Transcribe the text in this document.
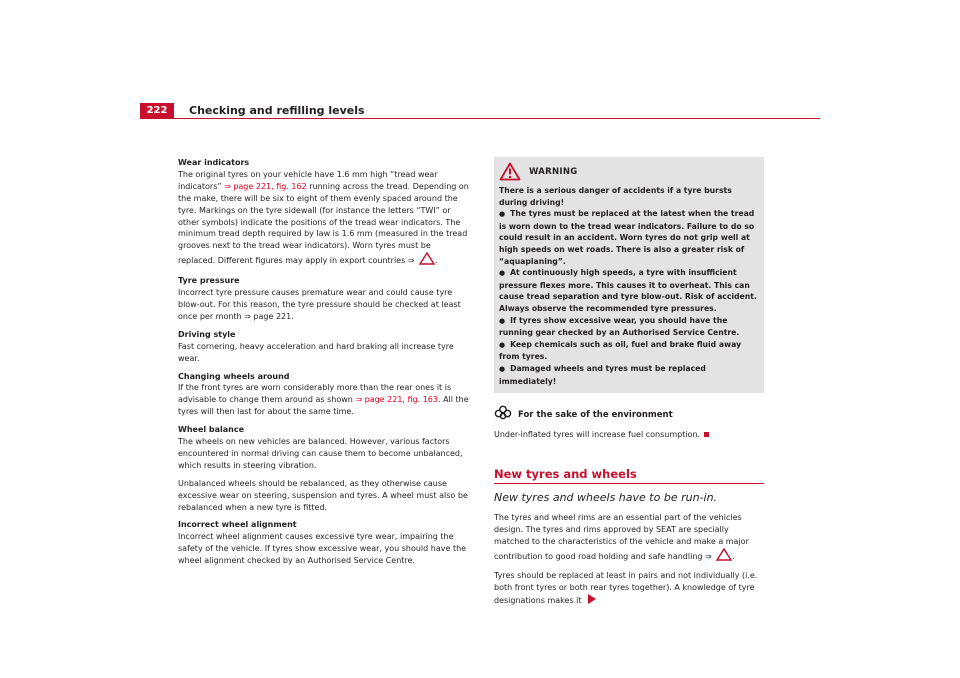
222	Checking and refilling levels

Wear indicators

The original tyres on your vehicle have 1.6 mm high “tread wear indicators” ⇒ page 221, fig. 162 running across the tread. Depending on the make, there will be six to eight of them evenly spaced around the tyre. Markings on the tyre sidewall (for instance the letters “TWI” or other symbols) indicate the positions of the tread wear indicators. The minimum tread depth required by law is 1.6 mm (measured in the tread grooves next to the tread wear indicators). Worn tyres must be replaced. Different figures may apply in export countries ⇒ .

Tyre pressure

Incorrect tyre pressure causes premature wear and could cause tyre blow-out. For this reason, the tyre pressure should be checked at least once per month ⇒ page 221.

Driving style

Fast cornering, heavy acceleration and hard braking all increase tyre wear.

Changing wheels around

If the front tyres are worn considerably more than the rear ones it is advisable to change them around as shown ⇒ page 221, fig. 163. All the tyres will then last for about the same time.

Wheel balance

The wheels on new vehicles are balanced. However, various factors encountered in normal driving can cause them to become unbalanced, which results in steering vibration.

Unbalanced wheels should be rebalanced, as they otherwise cause excessive wear on steering, suspension and tyres. A wheel must also be rebalanced when a new tyre is fitted.

Incorrect wheel alignment

Incorrect wheel alignment causes excessive tyre wear, impairing the safety of the vehicle. If tyres show excessive wear, you should have the wheel alignment checked by an Authorised Service Centre.

WARNING

There is a serious danger of accidents if a tyre bursts during driving!

● The tyres must be replaced at the latest when the tread is worn down to the tread wear indicators. Failure to do so could result in an accident. Worn tyres do not grip well at high speeds on wet roads. There is also a greater risk of “aquaplaning”.

● At continuously high speeds, a tyre with insufficient pressure flexes more. This causes it to overheat. This can cause tread separation and tyre blow-out. Risk of accident. Always observe the recommended tyre pressures.

● If tyres show excessive wear, you should have the running gear checked by an Authorised Service Centre.

● Keep chemicals such as oil, fuel and brake fluid away from tyres.

● Damaged wheels and tyres must be replaced immediately!

For the sake of the environment

Under-inflated tyres will increase fuel consumption.

New tyres and wheels
New tyres and wheels have to be run-in.

The tyres and wheel rims are an essential part of the vehicles design. The tyres and rims approved by SEAT are specially matched to the characteristics of the vehicle and make a major contribution to good road holding and safe handling ⇒ .

Tyres should be replaced at least in pairs and not individually (i.e. both front tyres or both rear tyres together). A knowledge of tyre designations makes it
